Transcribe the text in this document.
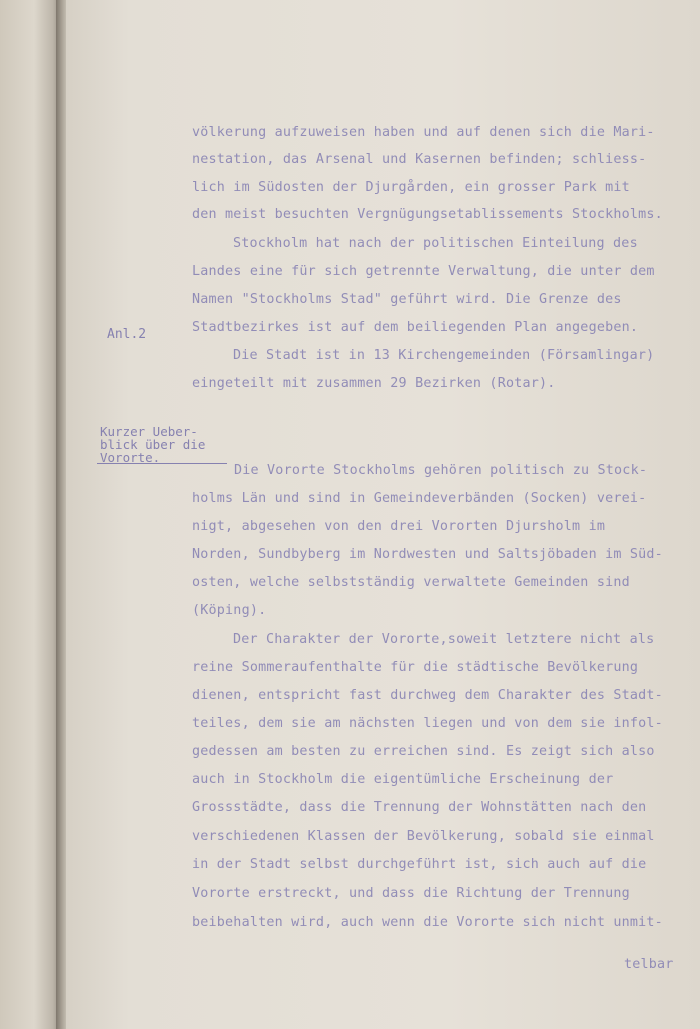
Anl.2
Kurzer Ueber-
blick über die
Vororte.
völkerung aufzuweisen haben und auf denen sich die Mari-
nestation, das Arsenal und Kasernen befinden; schliess-
lich im Südosten der Djurgården, ein grosser Park mit
den meist besuchten Vergnügungsetablissements Stockholms.
Stockholm hat nach der politischen Einteilung des
Landes eine für sich getrennte Verwaltung, die unter dem
Namen "Stockholms Stad" geführt wird. Die Grenze des
Stadtbezirkes ist auf dem beiliegenden Plan angegeben.
Die Stadt ist in 13 Kirchengemeinden (Församlingar)
eingeteilt mit zusammen 29 Bezirken (Rotar).
Die Vororte Stockholms gehören politisch zu Stock-
holms Län und sind in Gemeindeverbänden (Socken) verei-
nigt, abgesehen von den drei Vororten Djursholm im
Norden, Sundbyberg im Nordwesten und Saltsjöbaden im Süd-
osten, welche selbstständig verwaltete Gemeinden sind
(Köping).
Der Charakter der Vororte,soweit letztere nicht als
reine Sommeraufenthalte für die städtische Bevölkerung
dienen, entspricht fast durchweg dem Charakter des Stadt-
teiles, dem sie am nächsten liegen und von dem sie infol-
gedessen am besten zu erreichen sind. Es zeigt sich also
auch in Stockholm die eigentümliche Erscheinung der
Grossstädte, dass die Trennung der Wohnstätten nach den
verschiedenen Klassen der Bevölkerung, sobald sie einmal
in der Stadt selbst durchgeführt ist, sich auch auf die
Vororte erstreckt, und dass die Richtung der Trennung
beibehalten wird, auch wenn die Vororte sich nicht unmit-
telbar
